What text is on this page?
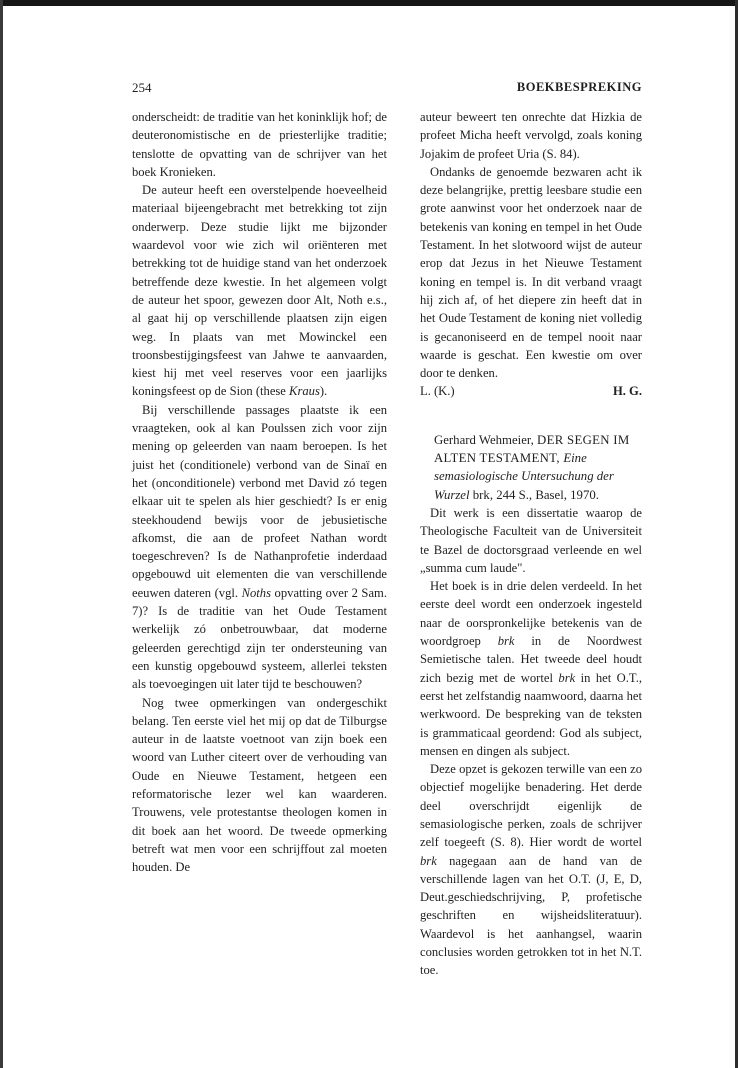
254	BOEKBESPREKING

onderscheidt: de traditie van het koninklijk hof; de deuteronomistische en de priesterlijke traditie; tenslotte de opvatting van de schrijver van het boek Kronieken.

De auteur heeft een overstelpende hoeveelheid materiaal bijeengebracht met betrekking tot zijn onderwerp. Deze studie lijkt me bijzonder waardevol voor wie zich wil oriënteren met betrekking tot de huidige stand van het onderzoek betreffende deze kwestie. In het algemeen volgt de auteur het spoor, gewezen door Alt, Noth e.s., al gaat hij op verschillende plaatsen zijn eigen weg. In plaats van met Mowinckel een troonsbestijgingsfeest van Jahwe te aanvaarden, kiest hij met veel reserves voor een jaarlijks koningsfeest op de Sion (these Kraus).

Bij verschillende passages plaatste ik een vraagteken, ook al kan Poulssen zich voor zijn mening op geleerden van naam beroepen. Is het juist het (conditionele) verbond van de Sinaï en het (onconditionele) verbond met David zó tegen elkaar uit te spelen als hier geschiedt? Is er enig steekhoudend bewijs voor de jebusietische afkomst, die aan de profeet Nathan wordt toegeschreven? Is de Nathanprofetie inderdaad opgebouwd uit elementen die van verschillende eeuwen dateren (vgl. Noths opvatting over 2 Sam. 7)? Is de traditie van het Oude Testament werkelijk zó onbetrouwbaar, dat moderne geleerden gerechtigd zijn ter ondersteuning van een kunstig opgebouwd systeem, allerlei teksten als toevoegingen uit later tijd te beschouwen?

Nog twee opmerkingen van ondergeschikt belang. Ten eerste viel het mij op dat de Tilburgse auteur in de laatste voetnoot van zijn boek een woord van Luther citeert over de verhouding van Oude en Nieuwe Testament, hetgeen een reformatorische lezer wel kan waarderen. Trouwens, vele protestantse theologen komen in dit boek aan het woord. De tweede opmerking betreft wat men voor een schrijffout zal moeten houden. De

auteur beweert ten onrechte dat Hizkia de profeet Micha heeft vervolgd, zoals koning Jojakim de profeet Uria (S. 84).

Ondanks de genoemde bezwaren acht ik deze belangrijke, prettig leesbare studie een grote aanwinst voor het onderzoek naar de betekenis van koning en tempel in het Oude Testament. In het slotwoord wijst de auteur erop dat Jezus in het Nieuwe Testament koning en tempel is. In dit verband vraagt hij zich af, of het diepere zin heeft dat in het Oude Testament de koning niet volledig is gecanoniseerd en de tempel nooit naar waarde is geschat. Een kwestie om over door te denken.

L. (K.)	H. G.

Gerhard Wehmeier, DER SEGEN IM ALTEN TESTAMENT, Eine semasiologische Untersuchung der Wurzel brk, 244 S., Basel, 1970.

Dit werk is een dissertatie waarop de Theologische Faculteit van de Universiteit te Bazel de doctorsgraad verleende en wel „summa cum laude".

Het boek is in drie delen verdeeld. In het eerste deel wordt een onderzoek ingesteld naar de oorspronkelijke betekenis van de woordgroep brk in de Noordwest Semietische talen. Het tweede deel houdt zich bezig met de wortel brk in het O.T., eerst het zelfstandig naamwoord, daarna het werkwoord. De bespreking van de teksten is grammaticaal geordend: God als subject, mensen en dingen als subject.

Deze opzet is gekozen terwille van een zo objectief mogelijke benadering. Het derde deel overschrijdt eigenlijk de semasiologische perken, zoals de schrijver zelf toegeeft (S. 8). Hier wordt de wortel brk nagegaan aan de hand van de verschillende lagen van het O.T. (J, E, D, Deut.geschiedschrijving, P, profetische geschriften en wijsheidsliteratuur). Waardevol is het aanhangsel, waarin conclusies worden getrokken tot in het N.T. toe.
